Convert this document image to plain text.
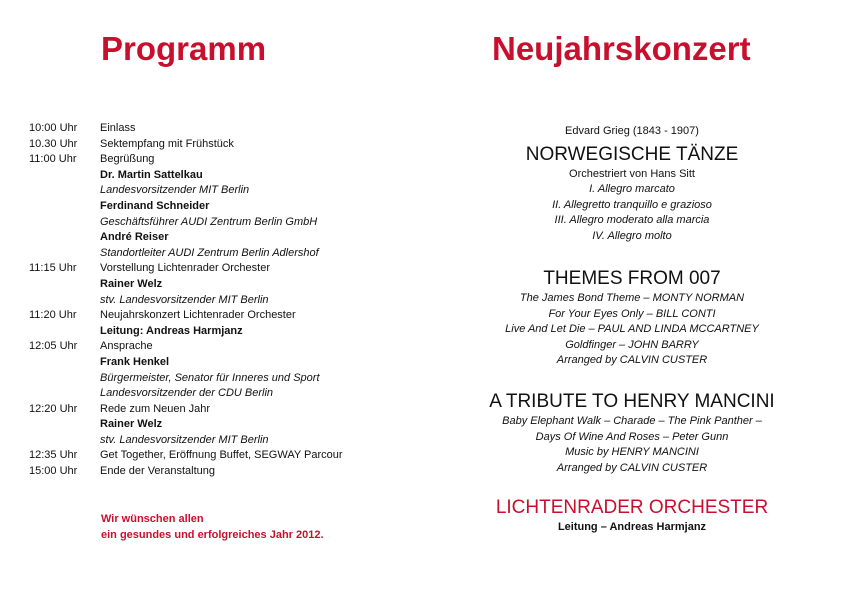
Programm	Neujahrskonzert
10:00 Uhr	Einlass
10.30 Uhr	Sektempfang mit Frühstück
11:00 Uhr	Begrüßung
Dr. Martin Sattelkau
Landesvorsitzender MIT Berlin
Ferdinand Schneider
Geschäftsführer AUDI Zentrum Berlin GmbH
André Reiser
Standortleiter AUDI Zentrum Berlin Adlershof
11:15 Uhr	Vorstellung Lichtenrader Orchester
Rainer Welz
stv. Landesvorsitzender MIT Berlin
11:20 Uhr	Neujahrskonzert Lichtenrader Orchester
Leitung: Andreas Harmjanz
12:05 Uhr	Ansprache
Frank Henkel
Bürgermeister, Senator für Inneres und Sport
Landesvorsitzender der CDU Berlin
12:20 Uhr	Rede zum Neuen Jahr
Rainer Welz
stv. Landesvorsitzender MIT Berlin
12:35 Uhr	Get Together, Eröffnung Buffet, SEGWAY Parcour
15:00 Uhr	Ende der Veranstaltung
Wir wünschen allen
ein gesundes und erfolgreiches Jahr 2012.
Edvard Grieg (1843 - 1907)
NORWEGISCHE TÄNZE
Orchestriert von Hans Sitt
I. Allegro marcato
II. Allegretto tranquillo e grazioso
III. Allegro moderato alla marcia
IV. Allegro molto
THEMES FROM 007
The James Bond Theme – MONTY NORMAN
For Your Eyes Only – BILL CONTI
Live And Let Die – PAUL AND LINDA MCCARTNEY
Goldfinger – JOHN BARRY
Arranged by CALVIN CUSTER
A TRIBUTE TO HENRY MANCINI
Baby Elephant Walk – Charade – The Pink Panther –
Days Of Wine And Roses – Peter Gunn
Music by HENRY MANCINI
Arranged by CALVIN CUSTER
LICHTENRADER ORCHESTER
Leitung – Andreas Harmjanz
